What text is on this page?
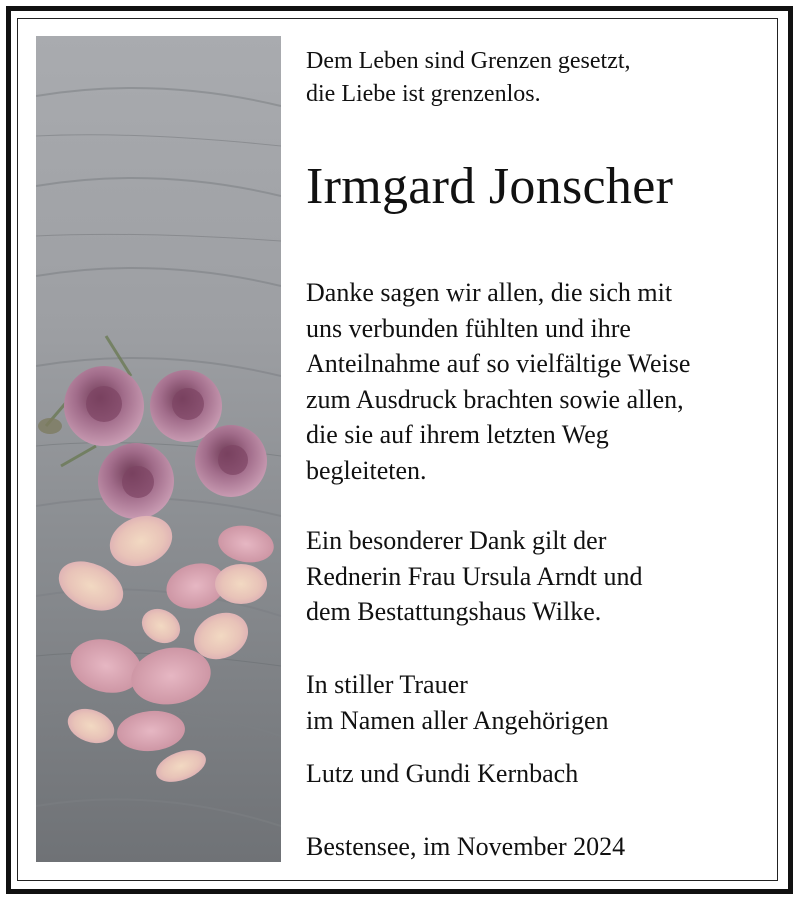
Dem Leben sind Grenzen gesetzt,
die Liebe ist grenzenlos.

Irmgard Jonscher

Danke sagen wir allen, die sich mit
uns verbunden fühlten und ihre
Anteilnahme auf so vielfältige Weise
zum Ausdruck brachten sowie allen,
die sie auf ihrem letzten Weg
begleiteten.

Ein besonderer Dank gilt der
Rednerin Frau Ursula Arndt und
dem Bestattungshaus Wilke.

In stiller Trauer
im Namen aller Angehörigen

Lutz und Gundi Kernbach

Bestensee, im November 2024
